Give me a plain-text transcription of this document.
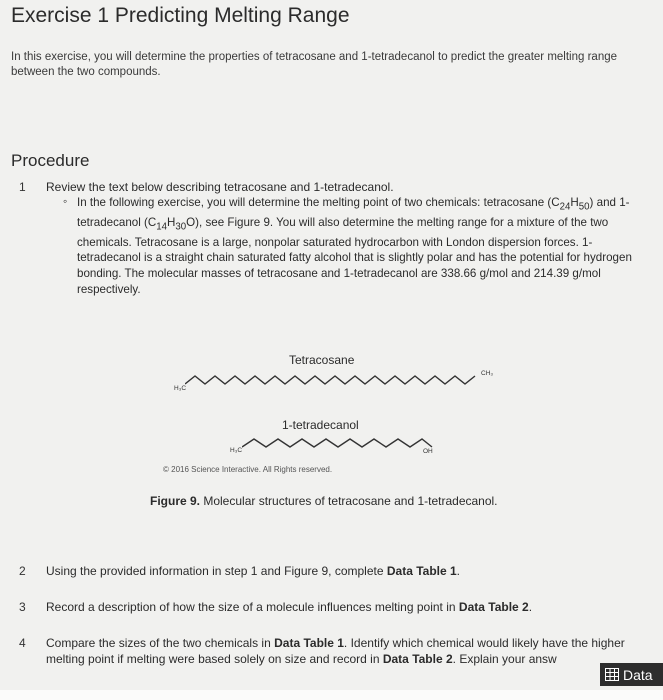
Exercise 1 Predicting Melting Range
In this exercise, you will determine the properties of tetracosane and 1-tetradecanol to predict the greater melting range between the two compounds.
Procedure
1 Review the text below describing tetracosane and 1-tetradecanol.
◦ In the following exercise, you will determine the melting point of two chemicals: tetracosane $(C_{24}H_{50})$ and 1-tetradecanol $(C_{14}H_{30}O)$, see Figure 9. You will also determine the melting range for a mixture of the two chemicals. Tetracosane is a large, nonpolar saturated hydrocarbon with London dispersion forces. 1-tetradecanol is a straight chain saturated fatty alcohol that is slightly polar and has the potential for hydrogen bonding. The molecular masses of tetracosane and 1-tetradecanol are 338.66 g/mol and 214.39 g/mol respectively.
Tetracosane
H₃C
CH₃
1-tetradecanol
H₃C	OH
© 2016 Science Interactive. All Rights reserved.
Figure 9. Molecular structures of tetracosane and 1-tetradecanol.
2 Using the provided information in step 1 and Figure 9, complete Data Table 1.
3 Record a description of how the size of a molecule influences melting point in Data Table 2.
4 Compare the sizes of the two chemicals in Data Table 1. Identify which chemical would likely have the higher
melting point if melting were based solely on size and record in Data Table 2. Explain your answ
Data
